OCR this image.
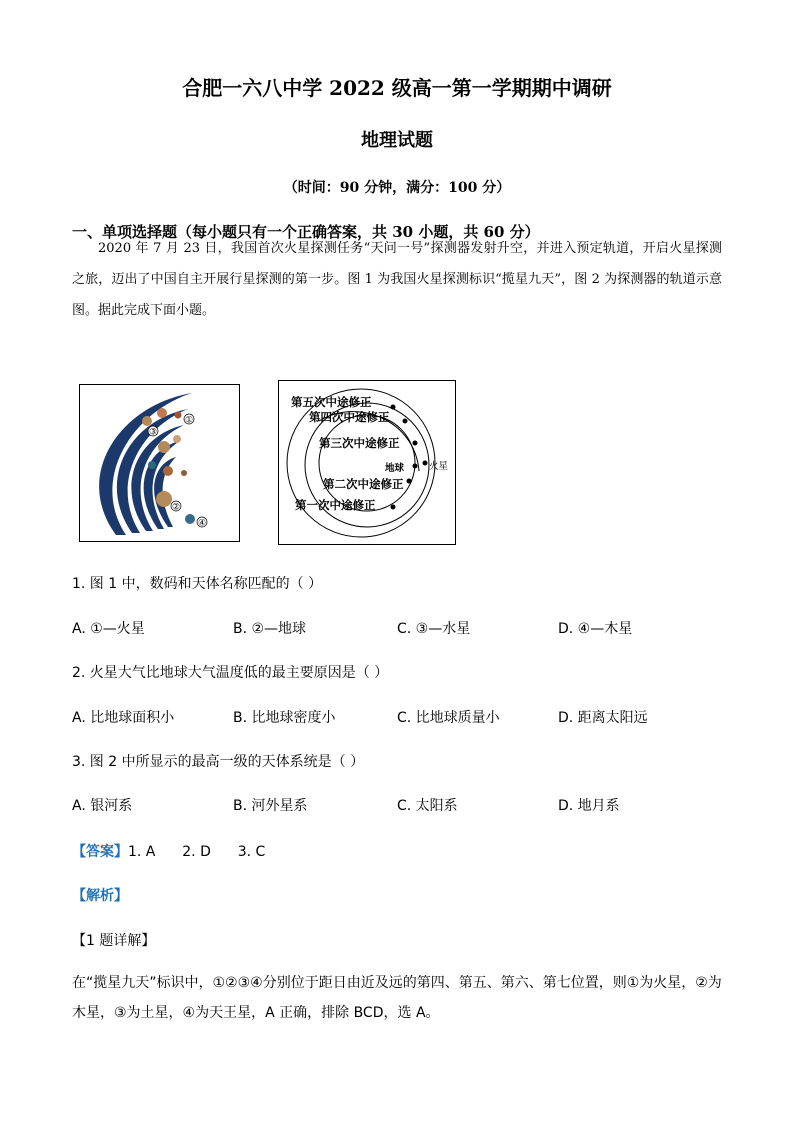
合肥一六八中学 2022 级高一第一学期期中调研
地理试题
（时间：90 分钟，满分：100 分）
一、单项选择题（每小题只有一个正确答案，共 30 小题，共 60 分）
2020 年 7 月 23 日，我国首次火星探测任务“天问一号”探测器发射升空，并进入预定轨道，开启火星探测之旅，迈出了中国自主开展行星探测的第一步。图 1 为我国火星探测标识“揽星九天”，图 2 为探测器的轨道示意图。据此完成下面小题。
①
②
③
④
第五次中途修正
第四次中途修正
第三次中途修正
地球	火星
第二次中途修正
第一次中途修正
1. 图 1 中，数码和天体名称匹配的（ ）
A. ①—火星	B. ②—地球	C. ③—水星	D. ④—木星
2. 火星大气比地球大气温度低的最主要原因是（ ）
A. 比地球面积小	B. 比地球密度小	C. 比地球质量小	D. 距离太阳远
3. 图 2 中所显示的最高一级的天体系统是（ ）
A. 银河系	B. 河外星系	C. 太阳系	D. 地月系
【答案】1. A 2. D 3. C
【解析】
【1 题详解】
在“揽星九天”标识中，①②③④分别位于距日由近及远的第四、第五、第六、第七位置，则①为火星，②为木星，③为土星，④为天王星，A 正确，排除 BCD，选 A。
